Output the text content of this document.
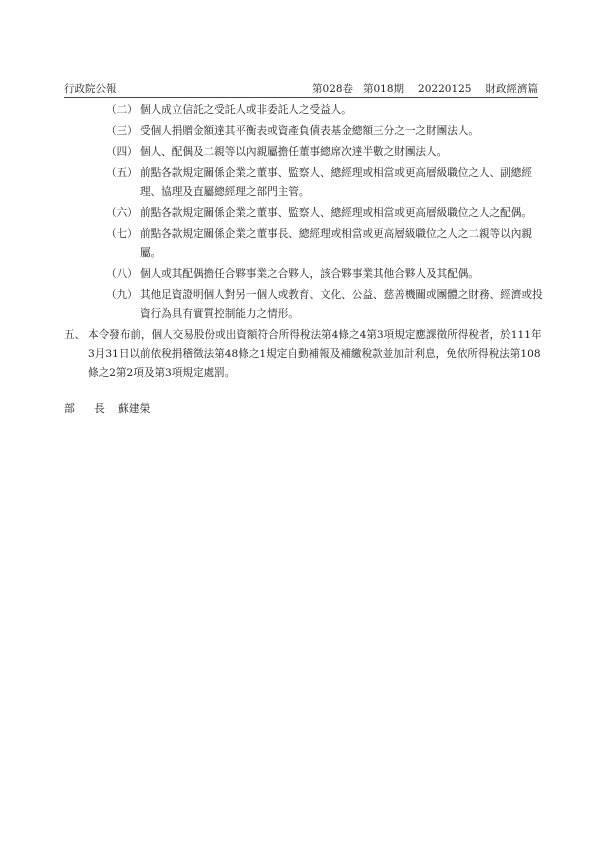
行政院公報	第028卷 第018期 20220125 財政經濟篇
（二） 個人成立信託之受託人或非委託人之受益人。
（三） 受個人捐贈金額達其平衡表或資產負債表基金總額三分之一之財團法人。
（四） 個人、配偶及二親等以內親屬擔任董事總席次達半數之財團法人。
（五） 前點各款規定關係企業之董事、監察人、總經理或相當或更高層級職位之人、副總經理、協理及直屬總經理之部門主管。
（六） 前點各款規定關係企業之董事、監察人、總經理或相當或更高層級職位之人之配偶。
（七） 前點各款規定關係企業之董事長、總經理或相當或更高層級職位之人之二親等以內親屬。
（八） 個人或其配偶擔任合夥事業之合夥人，該合夥事業其他合夥人及其配偶。
（九） 其他足資證明個人對另一個人或教育、文化、公益、慈善機關或團體之財務、經濟或投資行為具有實質控制能力之情形。
五、 本令發布前，個人交易股份或出資額符合所得稅法第4條之4第3項規定應課徵所得稅者，於111年3月31日以前依稅捐稽徵法第48條之1規定自動補報及補繳稅款並加計利息，免依所得稅法第108條之2第2項及第3項規定處罰。
部 長 蘇建榮
